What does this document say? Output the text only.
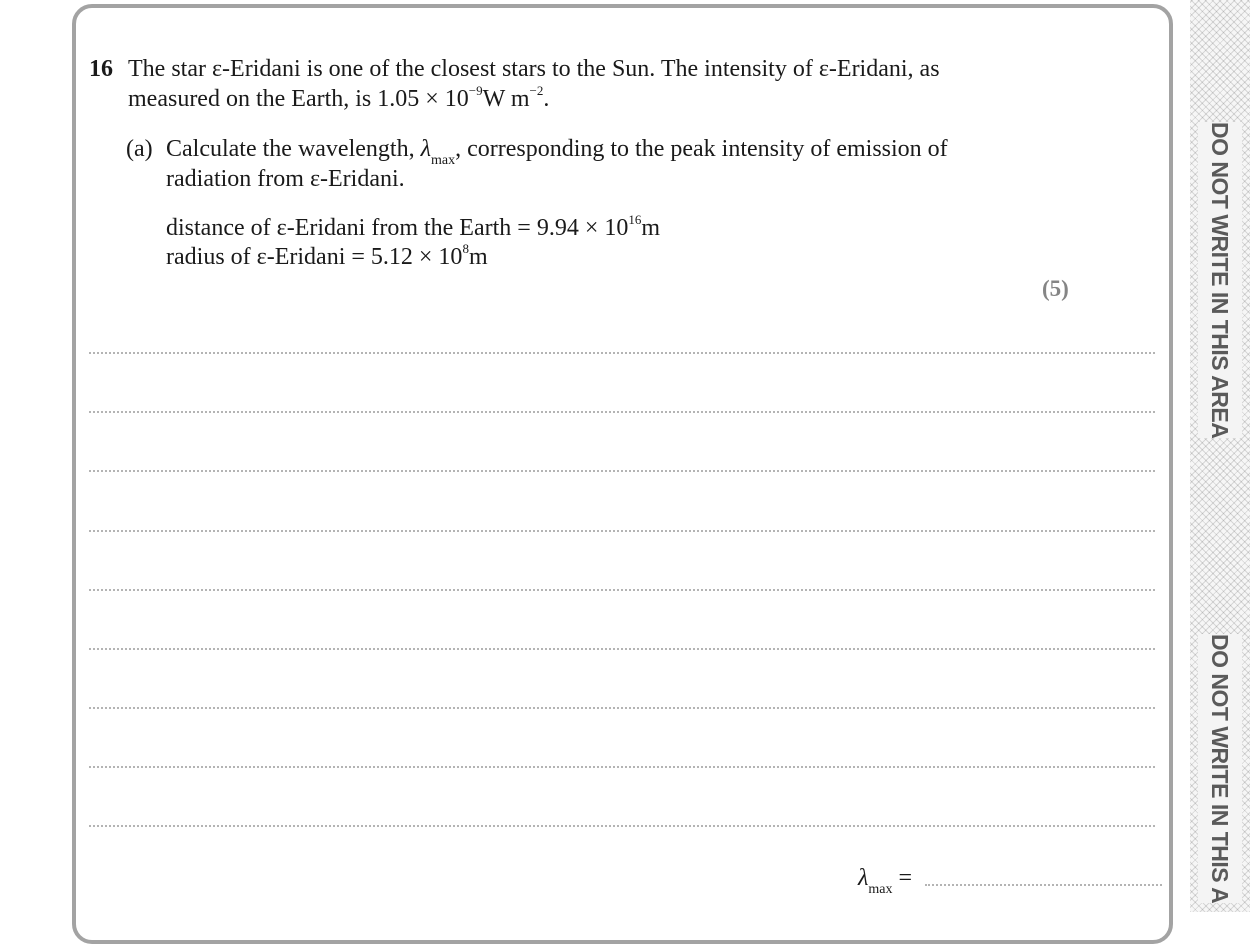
DO NOT WRITE IN THIS AREA
DO NOT WRITE IN THIS A
16 The star ε-Eridani is one of the closest stars to the Sun. The intensity of ε-Eridani, as
measured on the Earth, is $1.05 \times 10^{-9}W$ $m^{-2}$.
(a) Calculate the wavelength, $\lambda_{max}$, corresponding to the peak intensity of emission of
radiation from ε-Eridani.
distance of ε-Eridani from the Earth = $9.94 \times 10^{16}m$
radius of ε-Eridani = $5.12 \times 10^8m$
(5)
$\lambda_{max}$ =
